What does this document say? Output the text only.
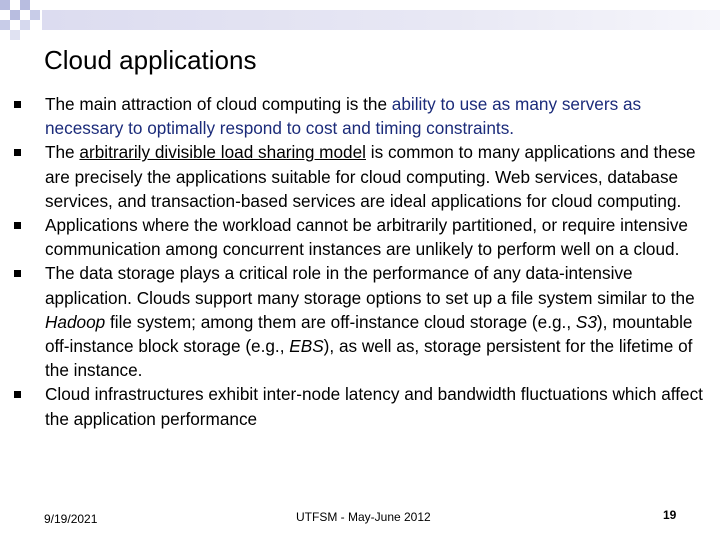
Cloud applications
The main attraction of cloud computing is the ability to use as many servers as necessary to optimally respond to cost and timing constraints.
The arbitrarily divisible load sharing model is common to many applications and these are precisely the applications suitable for cloud computing. Web services, database services, and transaction-based services are ideal applications for cloud computing.
Applications where the workload cannot be arbitrarily partitioned, or require intensive communication among concurrent instances are unlikely to perform well on a cloud.
The data storage plays a critical role in the performance of any data-intensive application. Clouds support many storage options to set up a file system similar to the Hadoop file system; among them are off-instance cloud storage (e.g., S3), mountable off-instance block storage (e.g., EBS), as well as, storage persistent for the lifetime of the instance.
Cloud infrastructures exhibit inter-node latency and bandwidth fluctuations which affect the application performance
9/19/2021	UTFSM - May-June 2012	19
